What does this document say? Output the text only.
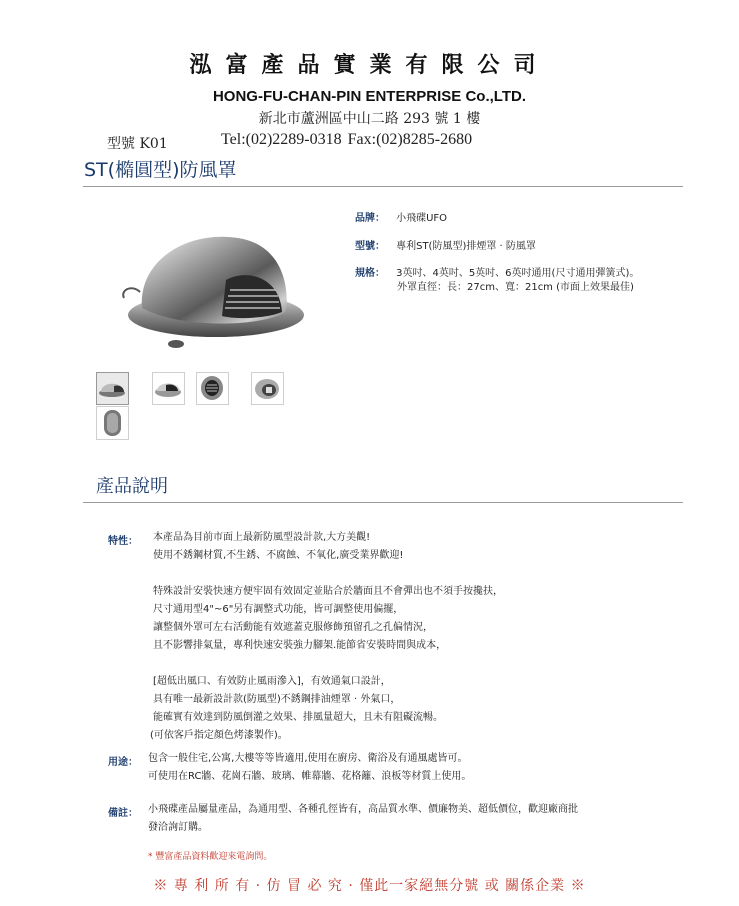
泓富產品實業有限公司
HONG-FU-CHAN-PIN ENTERPRISE Co.,LTD.
新北市蘆洲區中山二路 293 號 1 樓
型號 K01	Tel:(02)2289-0318 Fax:(02)8285-2680
ST(橢圓型)防風罩
品牌： 小飛碟UFO
型號： 專利ST(防風型)排煙罩 · 防風罩
規格： 3英吋、4英吋、5英吋、6英吋通用(尺寸通用彈簧式)。
外罩直徑：長：27cm、寬：21cm (市面上效果最佳)
產品說明
特性： 本產品為目前市面上最新防風型設計款,大方美觀!
使用不銹鋼材質,不生銹、不腐蝕、不氧化,廣受業界歡迎!
特殊設計安裝快速方便牢固有效固定並貼合於牆面且不會彈出也不須手按攙扶，
尺寸通用型4"~6"另有調整式功能，皆可調整使用偏擺，
讓整個外罩可左右活動能有效遮蓋克服修飾預留孔之孔偏情況，
且不影響排氣量，專利快速安裝強力腳架.能節省安裝時間與成本，
[超低出風口、有效防止風雨滲入]，有效通氣口設計，
具有唯一最新設計款(防風型)不銹鋼排油煙罩 · 外氣口，
能確實有效達到防風倒灌之效果、排風量超大，且未有阻礙流暢。
(可依客戶指定顏色烤漆製作)。
用途： 包含一般住宅,公寓,大樓等等皆適用,使用在廚房、衛浴及有通風處皆可。
可使用在RC牆、花崗石牆、玻璃、帷幕牆、花格籬、浪板等材質上使用。
備註： 小飛碟產品屬量產品，為通用型、各種孔徑皆有，高品質水準、價廉物美、超低價位，歡迎廠商批
發洽詢訂購。
* 豐富產品資料歡迎來電詢問。
※ 專 利 所 有 · 仿 冒 必 究 · 僅此一家絕無分號 或 關係企業 ※
